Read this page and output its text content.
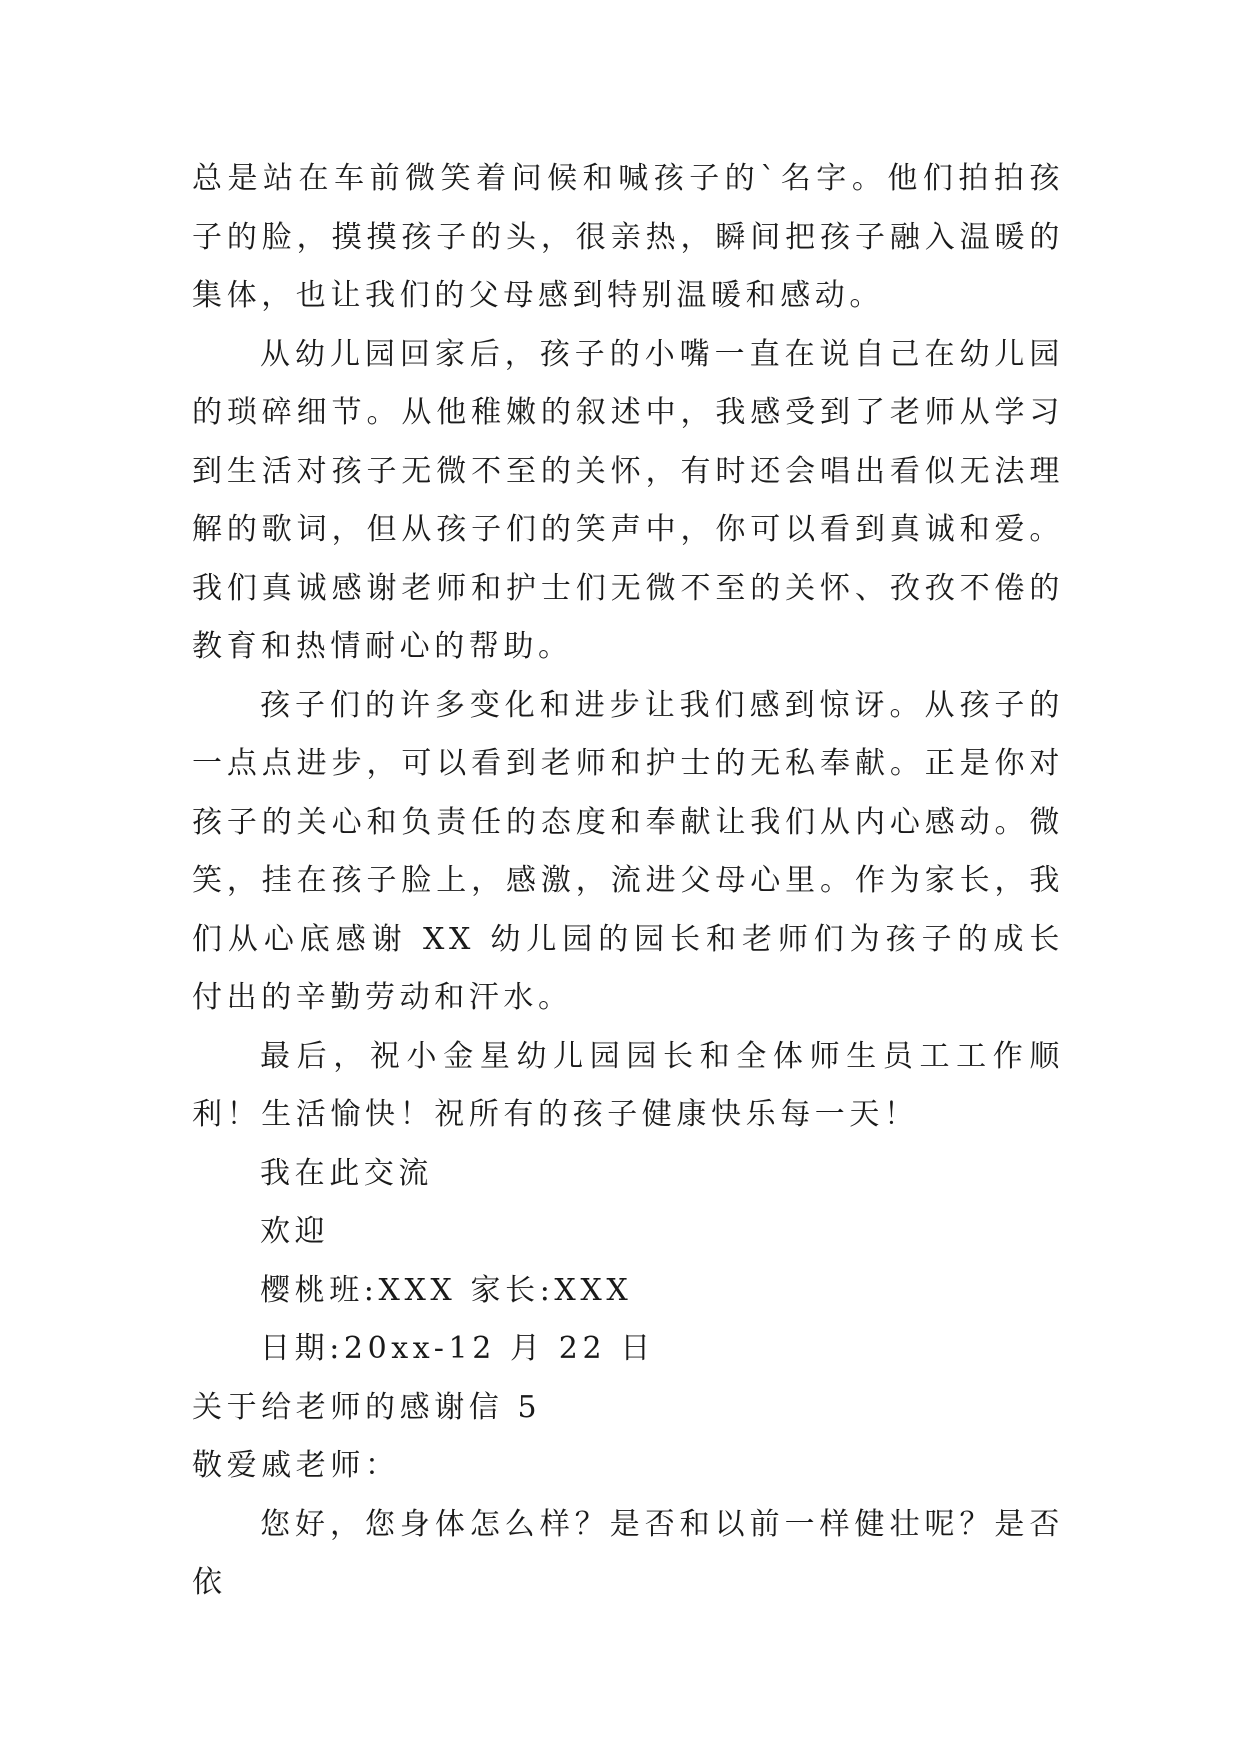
总是站在车前微笑着问候和喊孩子的`名字。他们拍拍孩子的脸，摸摸孩子的头，很亲热，瞬间把孩子融入温暖的集体，也让我们的父母感到特别温暖和感动。

从幼儿园回家后，孩子的小嘴一直在说自己在幼儿园的琐碎细节。从他稚嫩的叙述中，我感受到了老师从学习到生活对孩子无微不至的关怀，有时还会唱出看似无法理解的歌词，但从孩子们的笑声中，你可以看到真诚和爱。我们真诚感谢老师和护士们无微不至的关怀、孜孜不倦的教育和热情耐心的帮助。

孩子们的许多变化和进步让我们感到惊讶。从孩子的一点点进步，可以看到老师和护士的无私奉献。正是你对孩子的关心和负责任的态度和奉献让我们从内心感动。微笑，挂在孩子脸上，感激，流进父母心里。作为家长，我们从心底感谢 XX 幼儿园的园长和老师们为孩子的成长付出的辛勤劳动和汗水。

最后，祝小金星幼儿园园长和全体师生员工工作顺利！生活愉快！祝所有的孩子健康快乐每一天！

我在此交流

欢迎

樱桃班:XXX 家长:XXX

日期:20xx-12 月 22 日

关于给老师的感谢信 5

敬爱戚老师：

您好，您身体怎么样？是否和以前一样健壮呢？是否依
